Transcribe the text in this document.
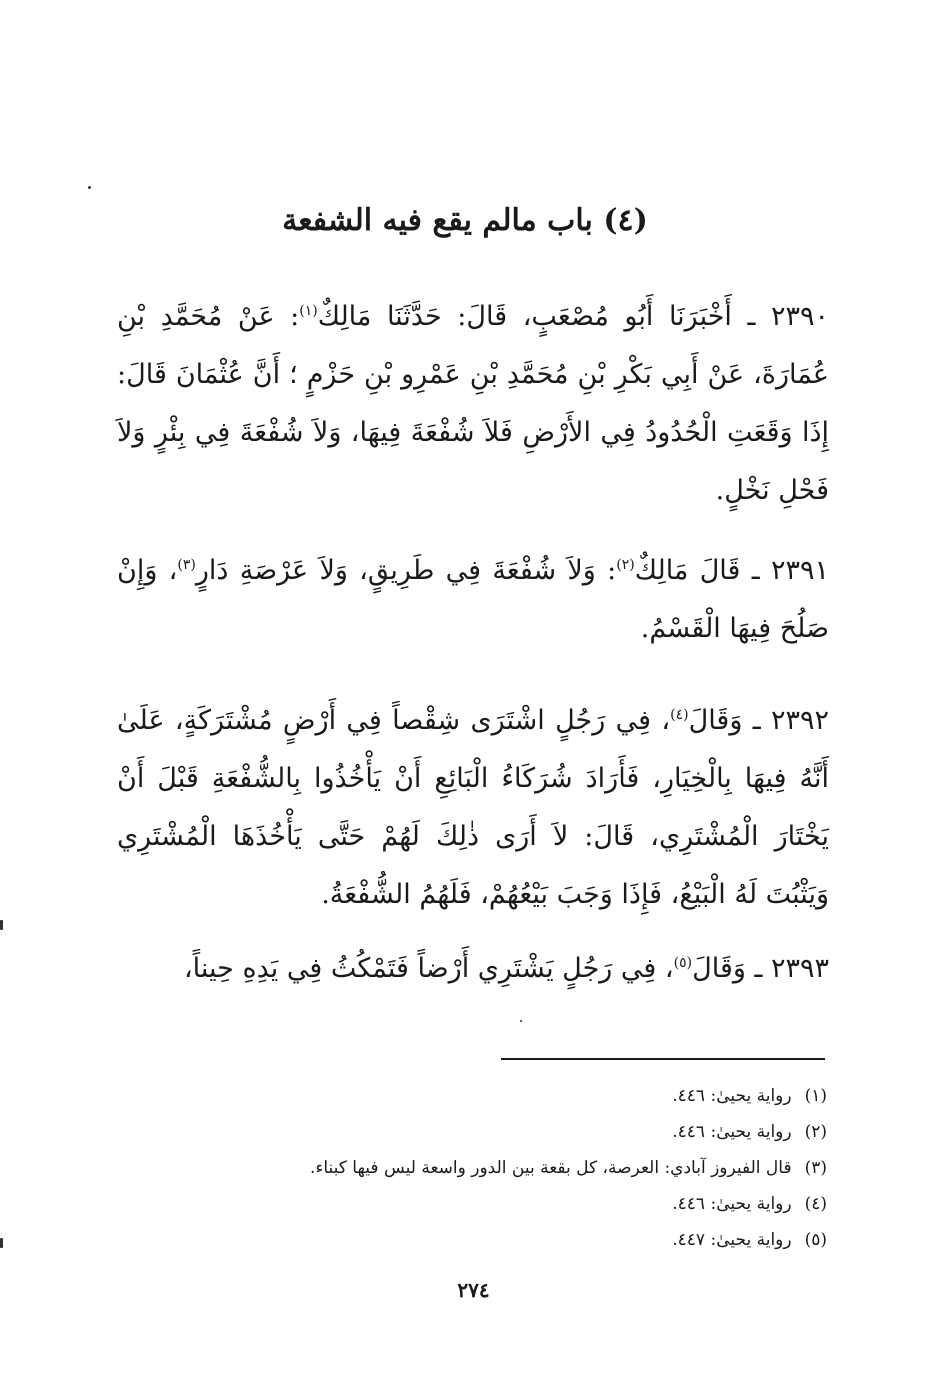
(٤) باب مالم يقع فيه الشفعة

٢٣٩٠ ـ أَخْبَرَنَا أَبُو مُصْعَبٍ، قَالَ: حَدَّثَنَا مَالِكٌ$^{(١)}$: عَنْ مُحَمَّدِ بْنِ عُمَارَةَ، عَنْ أَبِي بَكْرِ بْنِ مُحَمَّدِ بْنِ عَمْرِو بْنِ حَزْمٍ ؛ أَنَّ عُثْمَانَ قَالَ: إِذَا وَقَعَتِ الْحُدُودُ فِي الأَرْضِ فَلاَ شُفْعَةَ فِيهَا، وَلاَ شُفْعَةَ فِي بِئْرٍ وَلاَ فَحْلِ نَخْلٍ.

٢٣٩١ ـ قَالَ مَالِكٌ$^{(٢)}$: وَلاَ شُفْعَةَ فِي طَرِيقٍ، وَلاَ عَرْصَةِ دَارٍ$^{(٣)}$، وَإِنْ صَلُحَ فِيهَا الْقَسْمُ.

٢٣٩٢ ـ وَقَالَ$^{(٤)}$، فِي رَجُلٍ اشْتَرَى شِقْصاً فِي أَرْضٍ مُشْتَرَكَةٍ، عَلَىٰ أَنَّهُ فِيهَا بِالْخِيَارِ، فَأَرَادَ شُرَكَاءُ الْبَائِعِ أَنْ يَأْخُذُوا بِالشُّفْعَةِ قَبْلَ أَنْ يَخْتَارَ الْمُشْتَرِي، قَالَ: لاَ أَرَى ذٰلِكَ لَهُمْ حَتَّى يَأْخُذَهَا الْمُشْتَرِي وَيَثْبُتَ لَهُ الْبَيْعُ، فَإِذَا وَجَبَ بَيْعُهُمْ، فَلَهُمُ الشُّفْعَةُ.

٢٣٩٣ ـ وَقَالَ$^{(٥)}$، فِي رَجُلٍ يَشْتَرِي أَرْضاً فَتَمْكُثُ فِي يَدِهِ حِيناً،

(١) رواية يحيىٰ: ٤٤٦.
(٢) رواية يحيىٰ: ٤٤٦.
(٣) قال الفيروز آبادي: العرصة، كل بقعة بين الدور واسعة ليس فيها كبناء.
(٤) رواية يحيىٰ: ٤٤٦.
(٥) رواية يحيىٰ: ٤٤٧.
٢٧٤
